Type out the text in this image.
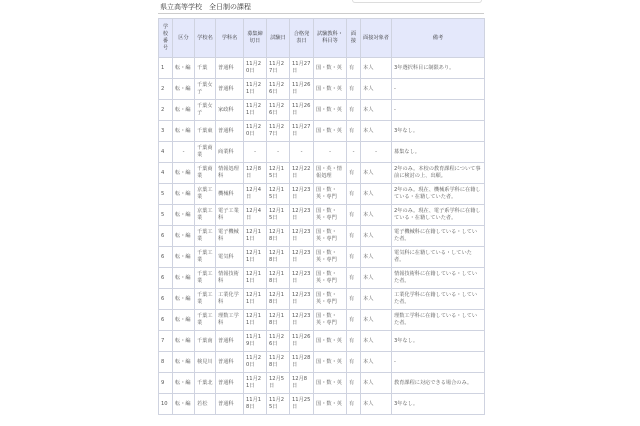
県立高等学校　全日制の課程
学校番号	区分	学校名	学科名	募集締切日	試験日	合格発表日	試験教科・科目等	面接	面接対象者	備考
1	転・編	千葉	普通科	11月20日	11月27日	11月27日	国・数・英	有	本人	3年選択科目に制限あり。
2	転・編	千葉女子	普通科	11月21日	11月26日	11月26日	国・数・英	有	本人	-
2	転・編	千葉女子	家政科	11月21日	11月26日	11月26日	国・数・英	有	本人	-
3	転・編	千葉東	普通科	11月20日	11月27日	11月27日	国・数・英	有	本人	3年なし。
4	-	千葉商業	商業科	-	-	-	-	-	-	募集なし。
4	転・編	千葉商業	情報処理科	12月8日	12月15日	12月22日	国・英・情報処理	有	本人	2年のみ。本校の教育課程について事前に検討の上、出願。
5	転・編	京葉工業	機械科	12月4日	12月15日	12月23日	国・数・英・専門	有	本人	2年のみ。現在、機械系学科に在籍している・在籍していた者。
5	転・編	京葉工業	電子工業科	12月4日	12月15日	12月23日	国・数・英・専門	有	本人	2年のみ。現在、電子系学科に在籍している・在籍していた者。
6	転・編	千葉工業	電子機械科	12月11日	12月18日	12月23日	国・数・英・専門	有	本人	電子機械科に在籍している・していた者。
6	転・編	千葉工業	電気科	12月11日	12月18日	12月23日	国・数・英・専門	有	本人	電気科に在籍している・していた者。
6	転・編	千葉工業	情報技術科	12月11日	12月18日	12月23日	国・数・英・専門	有	本人	情報技術科に在籍している・していた者。
6	転・編	千葉工業	工業化学科	12月11日	12月18日	12月23日	国・数・英・専門	有	本人	工業化学科に在籍している・していた者。
6	転・編	千葉工業	理数工学科	12月11日	12月18日	12月23日	国・数・英・専門	有	本人	理数工学科に在籍している・していた者。
7	転・編	千葉南	普通科	11月19日	11月26日	11月26日	国・数・英	有	本人	3年なし。
8	転・編	検見川	普通科	11月20日	11月28日	11月28日	国・数・英	有	本人	-
9	転・編	千葉北	普通科	11月21日	12月5日	12月8日	国・数・英	有	本人	教育課程に対応できる場合のみ。
10	転・編	若松	普通科	11月18日	11月25日	11月25日	国・数・英	有	本人	3年なし。
